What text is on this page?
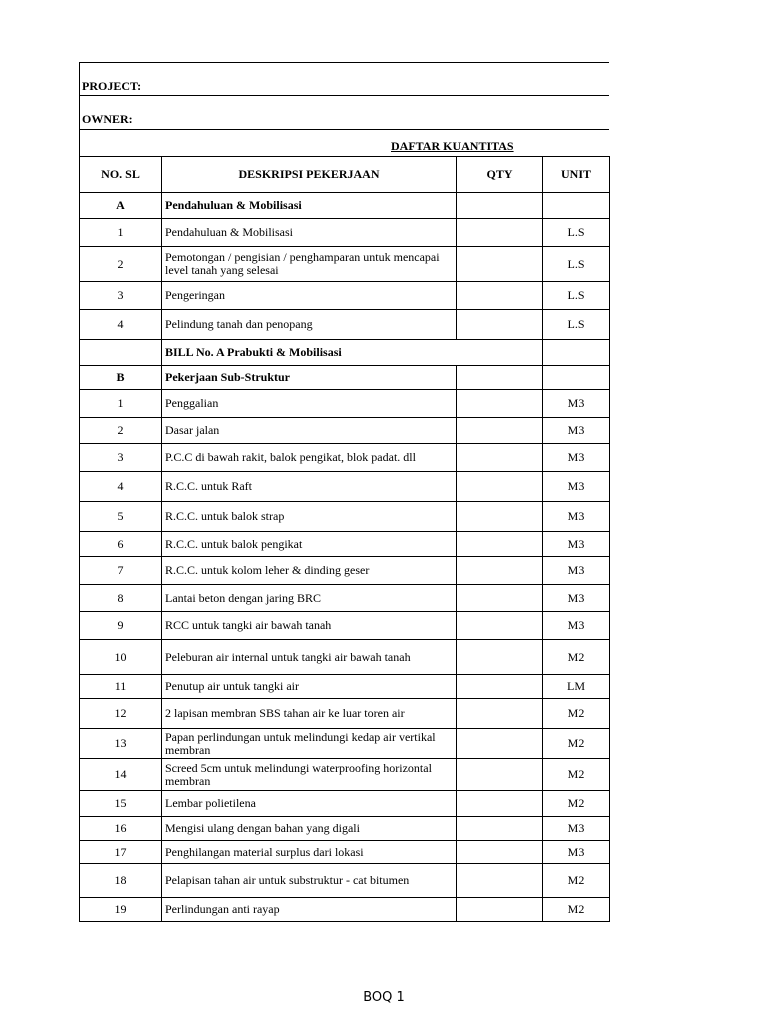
PROJECT:
OWNER:
DAFTAR KUANTITAS
NO. SL	DESKRIPSI PEKERJAAN	QTY	UNIT
A	Pendahuluan & Mobilisasi		
1	Pendahuluan & Mobilisasi		L.S
2	Pemotongan / pengisian / penghamparan untuk mencapai level tanah yang selesai		L.S
3	Pengeringan		L.S
4	Pelindung tanah dan penopang		L.S
	BILL No. A Prabukti & Mobilisasi		
B	Pekerjaan Sub-Struktur		
1	Penggalian		M3
2	Dasar jalan		M3
3	P.C.C di bawah rakit, balok pengikat, blok padat. dll		M3
4	R.C.C. untuk Raft		M3
5	R.C.C. untuk balok strap		M3
6	R.C.C. untuk balok pengikat		M3
7	R.C.C. untuk kolom leher & dinding geser		M3
8	Lantai beton dengan jaring BRC		M3
9	RCC untuk tangki air bawah tanah		M3
10	Peleburan air internal untuk tangki air bawah tanah		M2
11	Penutup air untuk tangki air		LM
12	2 lapisan membran SBS tahan air ke luar toren air		M2
13	Papan perlindungan untuk melindungi kedap air vertikal membran		M2
14	Screed 5cm untuk melindungi waterproofing horizontal membran		M2
15	Lembar polietilena		M2
16	Mengisi ulang dengan bahan yang digali		M3
17	Penghilangan material surplus dari lokasi		M3
18	Pelapisan tahan air untuk substruktur - cat bitumen		M2
19	Perlindungan anti rayap		M2
BOQ 1
